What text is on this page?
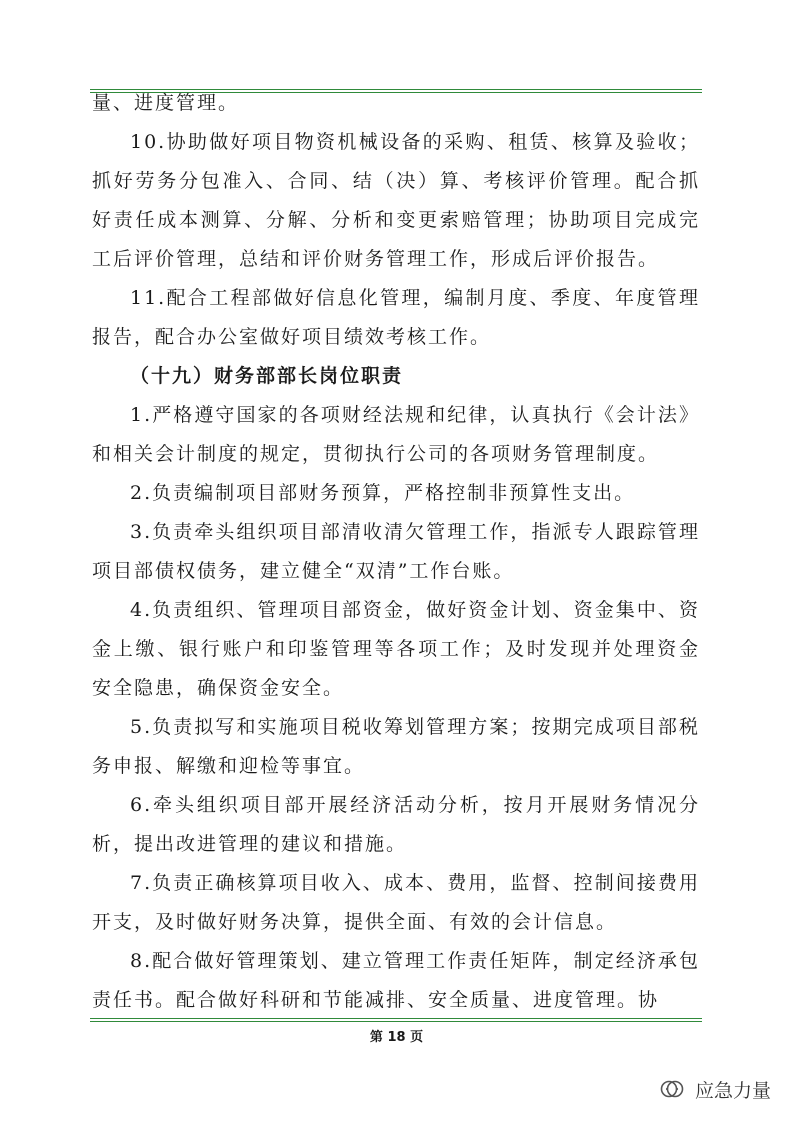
量、进度管理。

10.协助做好项目物资机械设备的采购、租赁、核算及验收；抓好劳务分包准入、合同、结（决）算、考核评价管理。配合抓好责任成本测算、分解、分析和变更索赔管理；协助项目完成完工后评价管理，总结和评价财务管理工作，形成后评价报告。

11.配合工程部做好信息化管理，编制月度、季度、年度管理报告，配合办公室做好项目绩效考核工作。

（十九）财务部部长岗位职责

1.严格遵守国家的各项财经法规和纪律，认真执行《会计法》和相关会计制度的规定，贯彻执行公司的各项财务管理制度。

2.负责编制项目部财务预算，严格控制非预算性支出。

3.负责牵头组织项目部清收清欠管理工作，指派专人跟踪管理项目部债权债务，建立健全“双清”工作台账。

4.负责组织、管理项目部资金，做好资金计划、资金集中、资金上缴、银行账户和印鉴管理等各项工作；及时发现并处理资金安全隐患，确保资金安全。

5.负责拟写和实施项目税收筹划管理方案；按期完成项目部税务申报、解缴和迎检等事宜。

6.牵头组织项目部开展经济活动分析，按月开展财务情况分析，提出改进管理的建议和措施。

7.负责正确核算项目收入、成本、费用，监督、控制间接费用开支，及时做好财务决算，提供全面、有效的会计信息。

8.配合做好管理策划、建立管理工作责任矩阵，制定经济承包责任书。配合做好科研和节能减排、安全质量、进度管理。协

第 18 页
应急力量
